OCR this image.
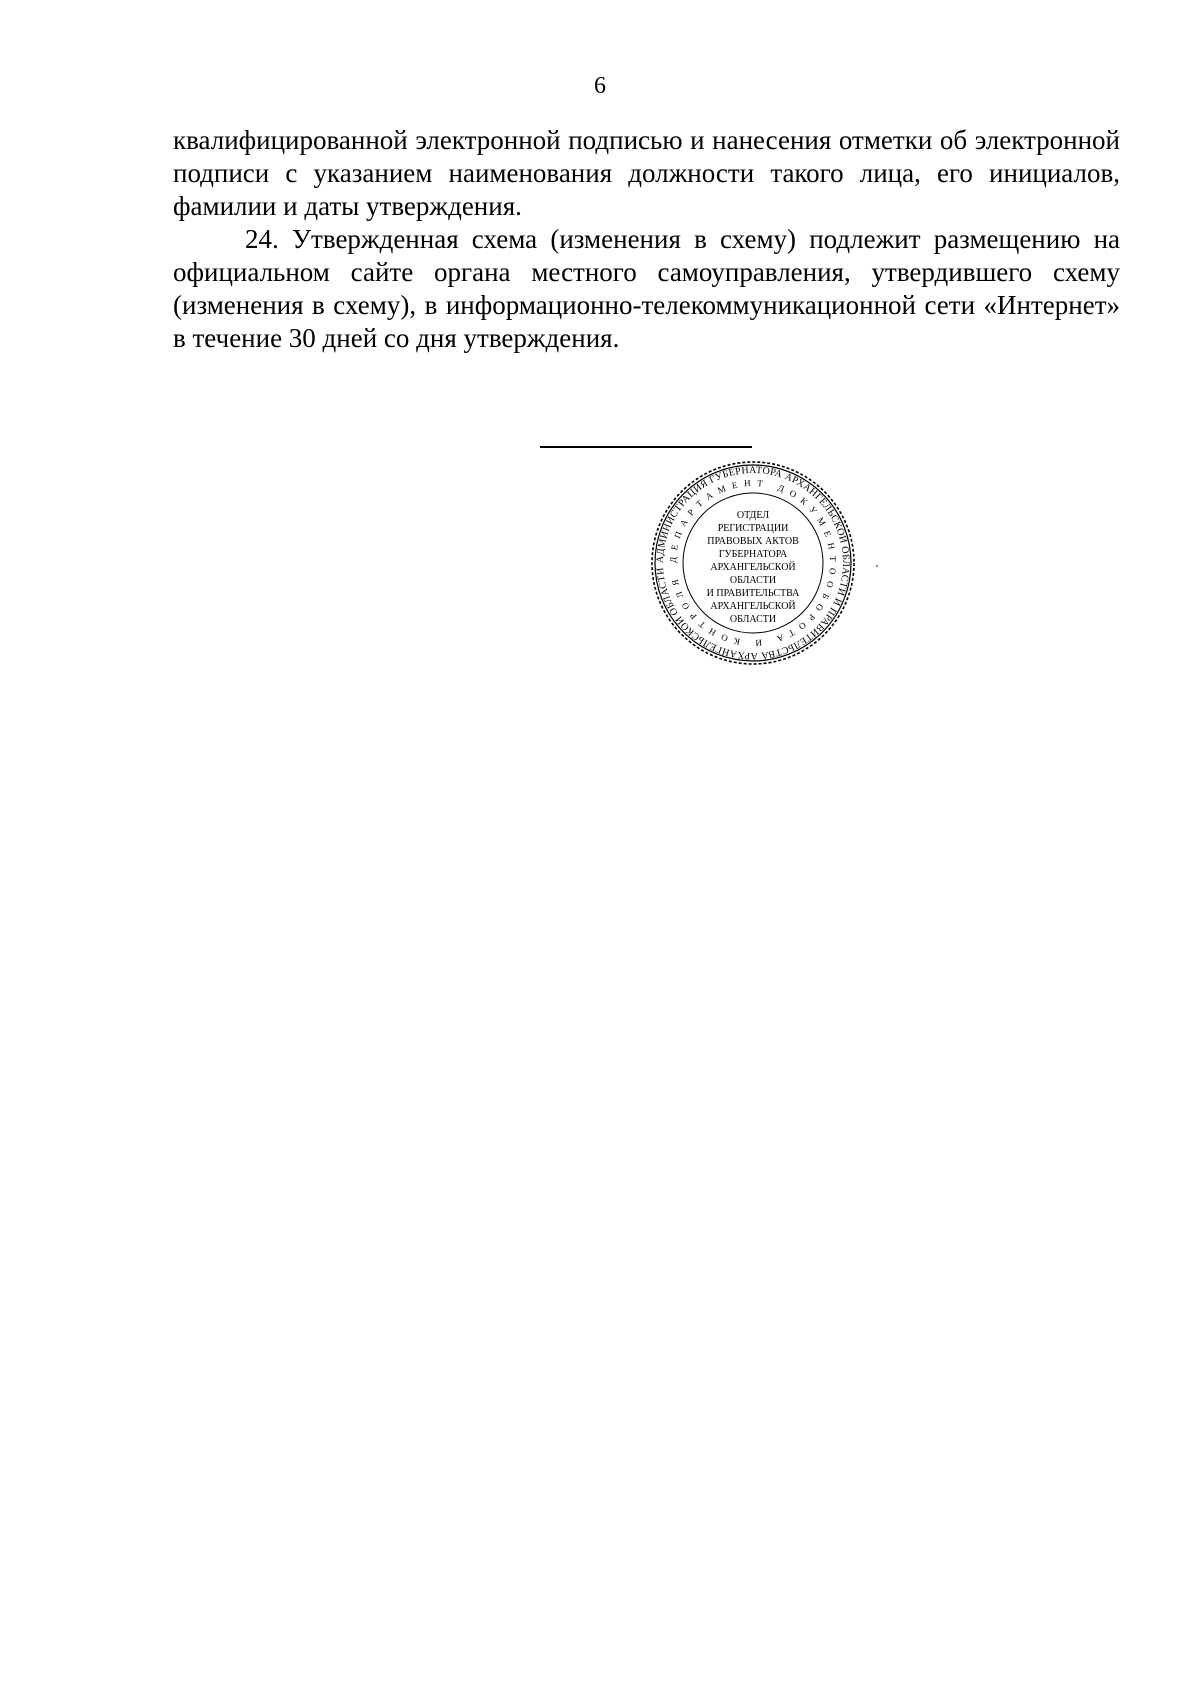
6

квалифицированной электронной подписью и нанесения отметки об электронной подписи с указанием наименования должности такого лица, его инициалов, фамилии и даты утверждения.

24. Утвержденная схема (изменения в схему) подлежит размещению на официальном сайте органа местного самоуправления, утвердившего схему (изменения в схему), в информационно-телекоммуникационной сети «Интернет» в течение 30 дней со дня утверждения.

АДМИНИСТРАЦИЯ ГУБЕРНАТОРА АРХАНГЕЛЬСКОЙ ОБЛАСТИ И ПРАВИТЕЛЬСТВА АРХАНГЕЛЬСКОЙ ОБЛАСТИ
ДЕПАРТАМЕНТ ДОКУМЕНТООБОРОТА И КОНТРОЛЯ
ОТДЕЛ
РЕГИСТРАЦИИ
ПРАВОВЫХ АКТОВ
ГУБЕРНАТОРА
АРХАНГЕЛЬСКОЙ
ОБЛАСТИ
И ПРАВИТЕЛЬСТВА
АРХАНГЕЛЬСКОЙ
ОБЛАСТИ
